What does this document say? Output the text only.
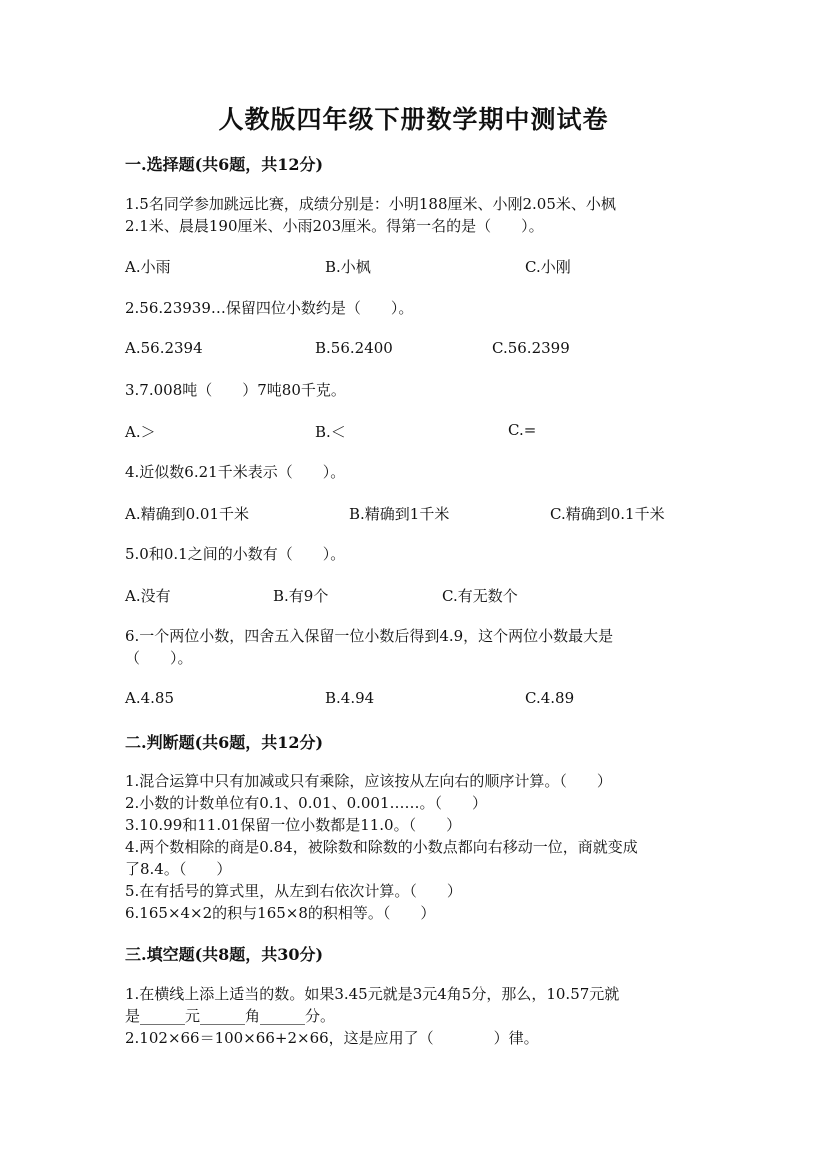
人教版四年级下册数学期中测试卷
一.选择题(共6题，共12分)
1.5名同学参加跳远比赛，成绩分别是：小明188厘米、小刚2.05米、小枫
2.1米、晨晨190厘米、小雨203厘米。得第一名的是（　　）。
A.小雨	B.小枫	C.小刚
2.56.23939…保留四位小数约是（　　）。
A.56.2394	B.56.2400	C.56.2399
3.7.008吨（　　）7吨80千克。
A.＞	B.＜	C.=
4.近似数6.21千米表示（　　）。
A.精确到0.01千米	B.精确到1千米	C.精确到0.1千米
5.0和0.1之间的小数有（　　）。
A.没有	B.有9个	C.有无数个
6.一个两位小数，四舍五入保留一位小数后得到4.9，这个两位小数最大是
（　　）。
A.4.85	B.4.94	C.4.89
二.判断题(共6题，共12分)
1.混合运算中只有加减或只有乘除，应该按从左向右的顺序计算。（　　）
2.小数的计数单位有0.1、0.01、0.001……。（　　）
3.10.99和11.01保留一位小数都是11.0。（　　）
4.两个数相除的商是0.84，被除数和除数的小数点都向右移动一位，商就变成
了8.4。（　　）
5.在有括号的算式里，从左到右依次计算。（　　）
6.165×4×2的积与165×8的积相等。（　　）
三.填空题(共8题，共30分)
1.在横线上添上适当的数。如果3.45元就是3元4角5分，那么，10.57元就
是______元______角______分。
2.102×66＝100×66+2×66，这是应用了（　　　　）律。
